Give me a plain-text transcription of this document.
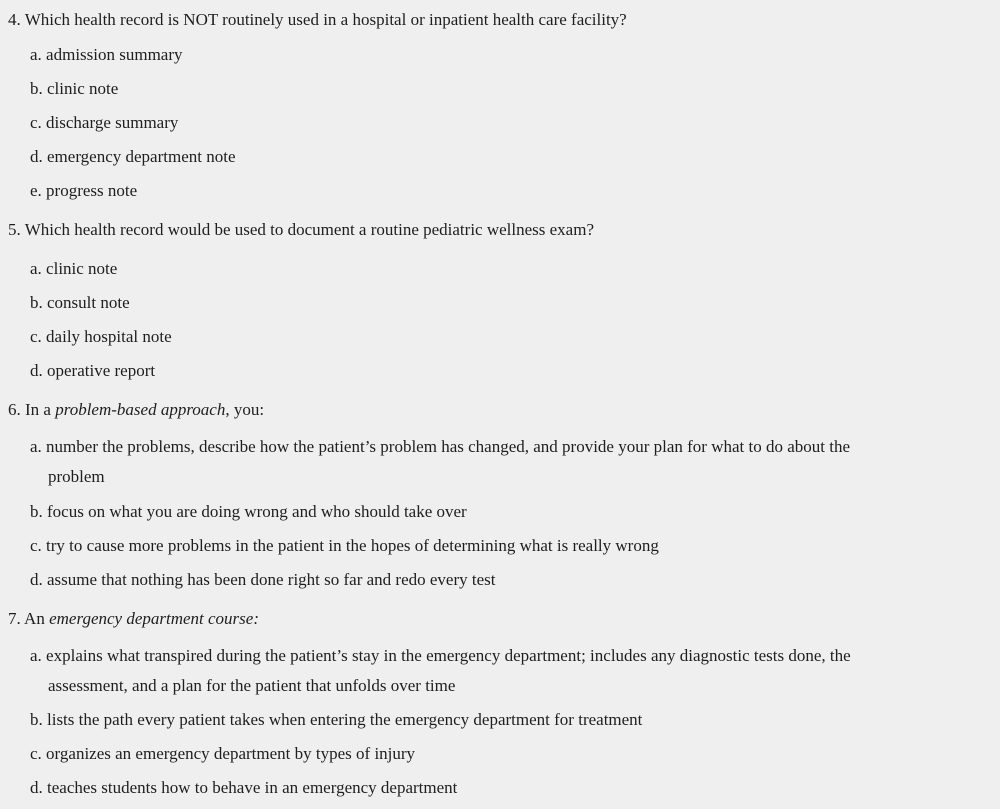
4. Which health record is NOT routinely used in a hospital or inpatient health care facility?
a. admission summary
b. clinic note
c. discharge summary
d. emergency department note
e. progress note
5. Which health record would be used to document a routine pediatric wellness exam?
a. clinic note
b. consult note
c. daily hospital note
d. operative report
6. In a problem-based approach, you:
a. number the problems, describe how the patient’s problem has changed, and provide your plan for what to do about the
problem
b. focus on what you are doing wrong and who should take over
c. try to cause more problems in the patient in the hopes of determining what is really wrong
d. assume that nothing has been done right so far and redo every test
7. An emergency department course:
a. explains what transpired during the patient’s stay in the emergency department; includes any diagnostic tests done, the
assessment, and a plan for the patient that unfolds over time
b. lists the path every patient takes when entering the emergency department for treatment
c. organizes an emergency department by types of injury
d. teaches students how to behave in an emergency department
